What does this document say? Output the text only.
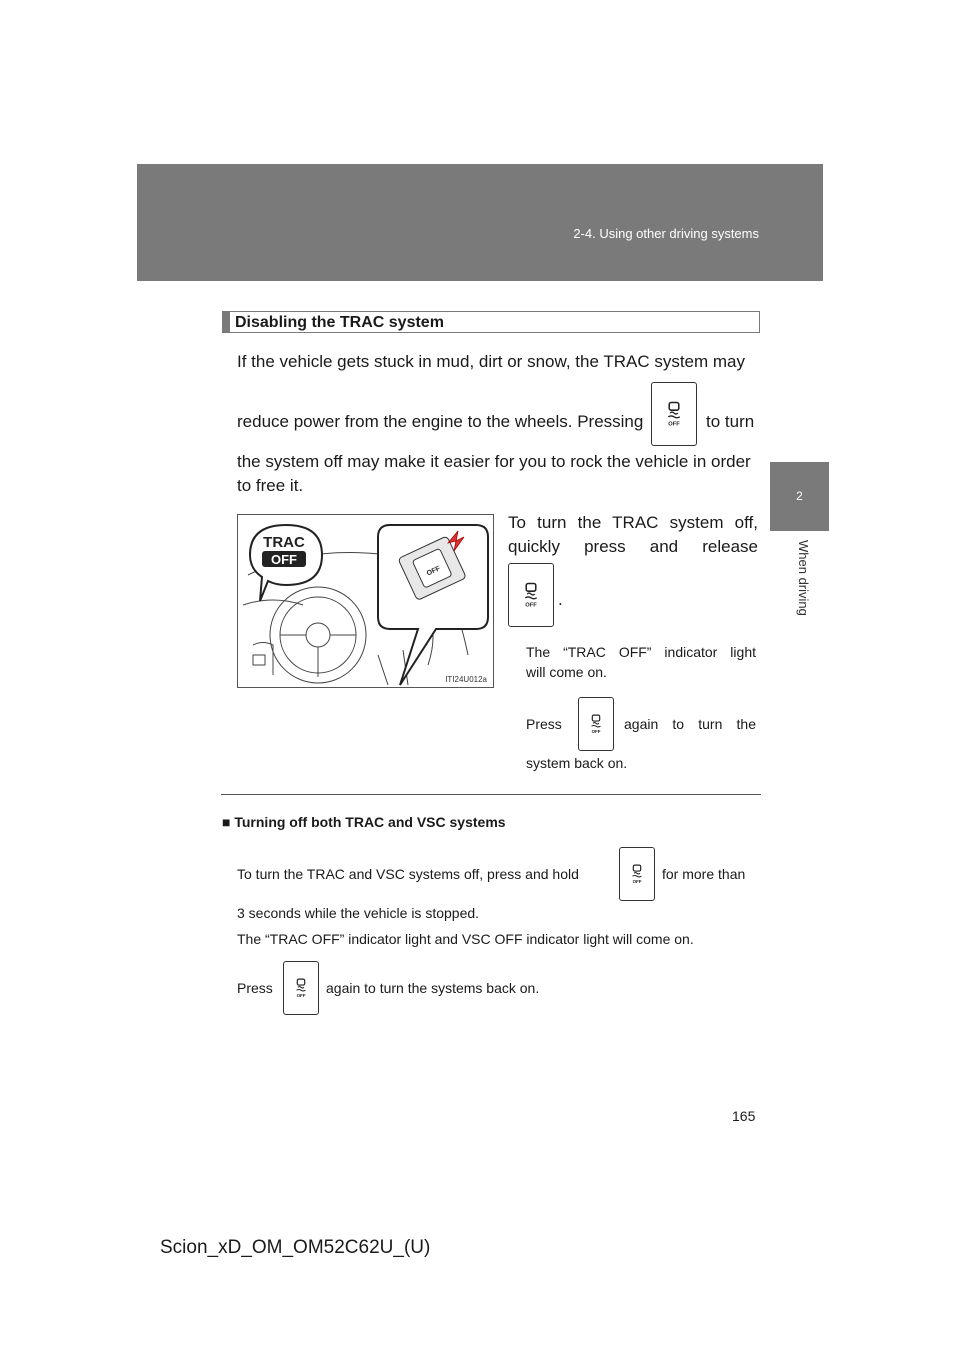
2-4. Using other driving systems
2
When driving
Disabling the TRAC system
If the vehicle gets stuck in mud, dirt or snow, the TRAC system may
reduce power from the engine to the wheels. Pressing	OFF to turn
the system off may make it easier for you to rock the vehicle in order
to free it.
TRAC
OFF
OFF
ITI24U012a
To turn the TRAC system off,
quickly press and release
OFF .
The “TRAC OFF” indicator light
will come on.
Press	OFF again to turn the
system back on.
■ Turning off both TRAC and VSC systems
To turn the TRAC and VSC systems off, press and hold	OFF for more than
3 seconds while the vehicle is stopped.
The “TRAC OFF” indicator light and VSC OFF indicator light will come on.
Press	OFF again to turn the systems back on.
165
Scion_xD_OM_OM52C62U_(U)
